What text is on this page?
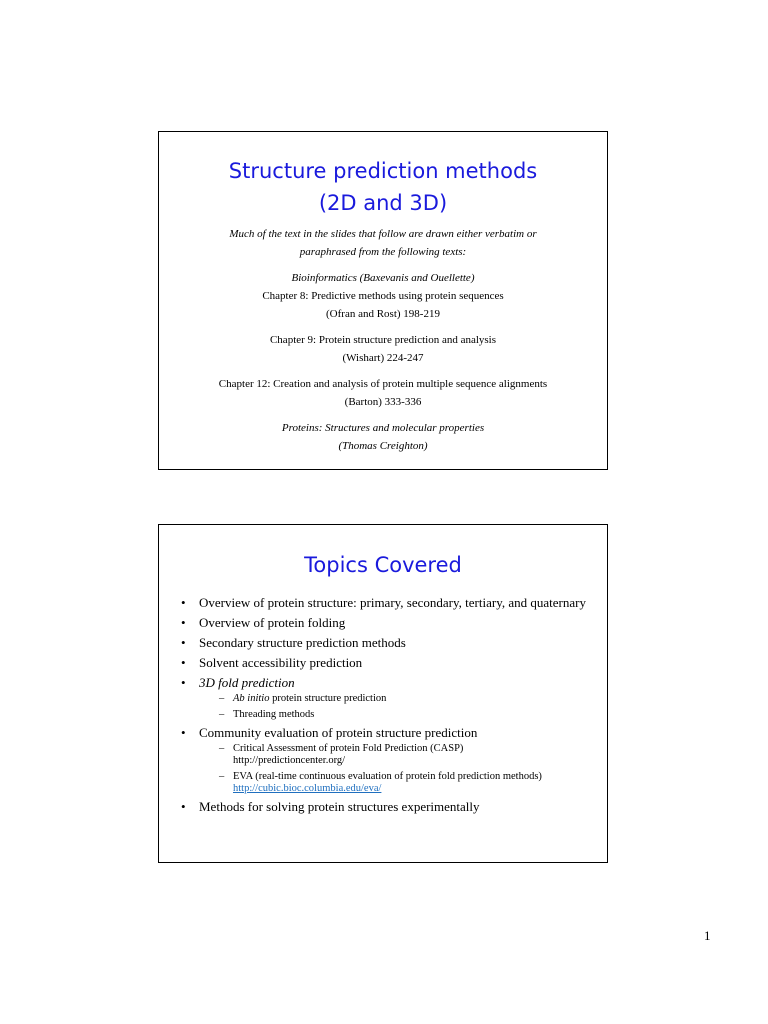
Structure prediction methods
(2D and 3D)
Much of the text in the slides that follow are drawn either verbatim or
paraphrased from the following texts:
Bioinformatics (Baxevanis and Ouellette)
Chapter 8: Predictive methods using protein sequences
(Ofran and Rost) 198-219
Chapter 9: Protein structure prediction and analysis
(Wishart) 224-247
Chapter 12: Creation and analysis of protein multiple sequence alignments
(Barton) 333-336
Proteins: Structures and molecular properties
(Thomas Creighton)
Topics Covered
• Overview of protein structure: primary, secondary, tertiary, and quaternary
• Overview of protein folding
• Secondary structure prediction methods
• Solvent accessibility prediction
• 3D fold prediction
– Ab initio protein structure prediction
– Threading methods
• Community evaluation of protein structure prediction
– Critical Assessment of protein Fold Prediction (CASP)
http://predictioncenter.org/
– EVA (real-time continuous evaluation of protein fold prediction methods)
http://cubic.bioc.columbia.edu/eva/
• Methods for solving protein structures experimentally
1
